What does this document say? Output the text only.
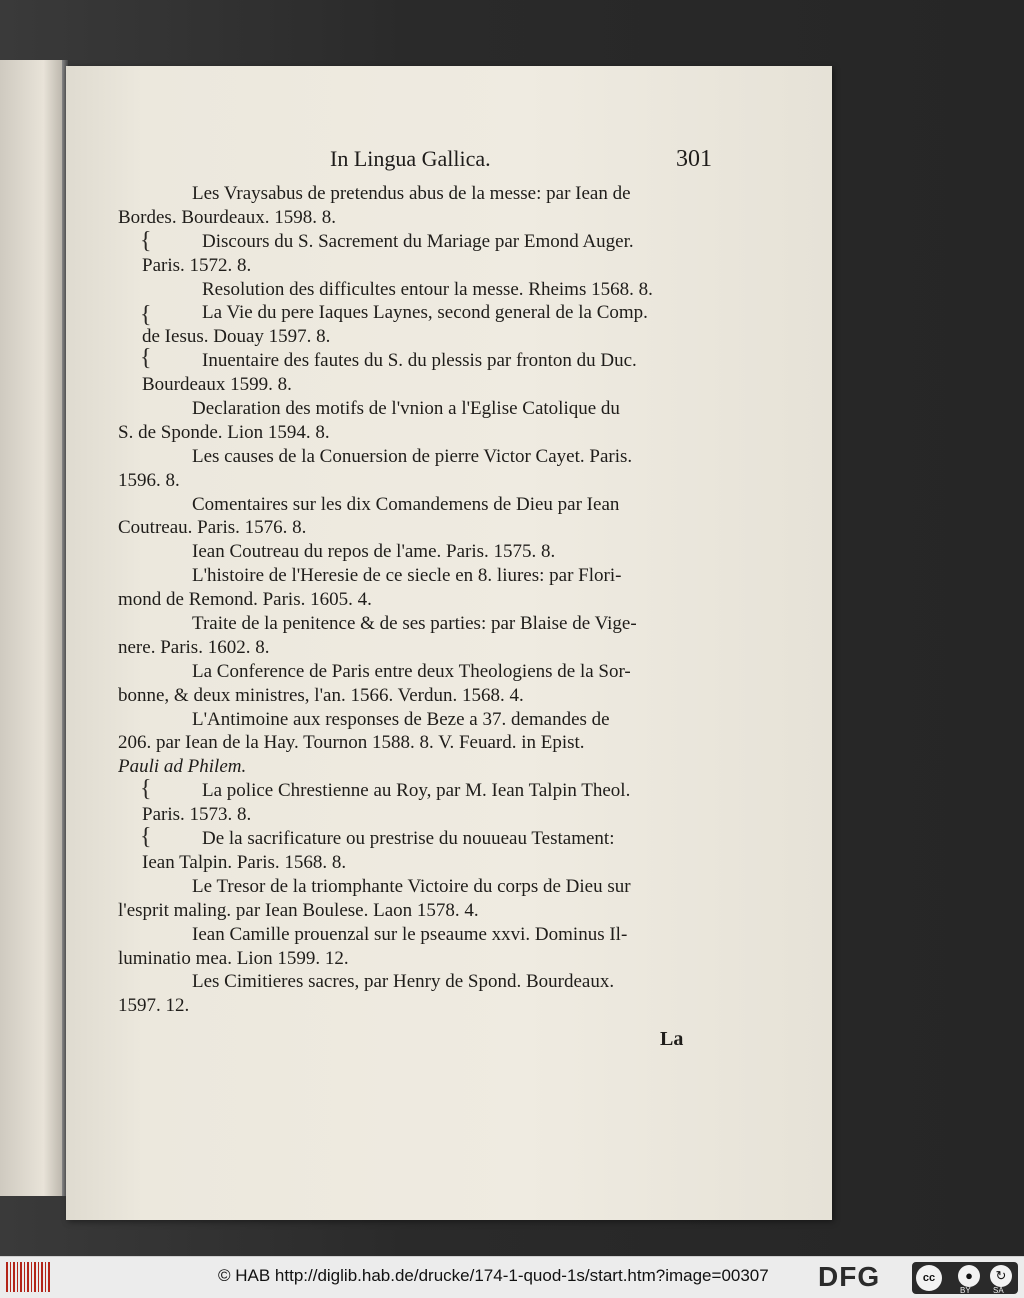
In Lingua Gallica.	301
{
{
{
{
{
Les Vraysabus de pretendus abus de la messe: par Iean de
Bordes. Bourdeaux. 1598. 8.
Discours du S. Sacrement du Mariage par Emond Auger.
Paris. 1572. 8.
Resolution des difficultes entour la messe. Rheims 1568. 8.
La Vie du pere Iaques Laynes, second general de la Comp.
de Iesus. Douay 1597. 8.
Inuentaire des fautes du S. du plessis par fronton du Duc.
Bourdeaux 1599. 8.
Declaration des motifs de l'vnion a l'Eglise Catolique du
S. de Sponde. Lion 1594. 8.
Les causes de la Conuersion de pierre Victor Cayet. Paris.
1596. 8.
Comentaires sur les dix Comandemens de Dieu par Iean
Coutreau. Paris. 1576. 8.
Iean Coutreau du repos de l'ame. Paris. 1575. 8.
L'histoire de l'Heresie de ce siecle en 8. liures: par Flori-
mond de Remond. Paris. 1605. 4.
Traite de la penitence & de ses parties: par Blaise de Vige-
nere. Paris. 1602. 8.
La Conference de Paris entre deux Theologiens de la Sor-
bonne, & deux ministres, l'an. 1566. Verdun. 1568. 4.
L'Antimoine aux responses de Beze a 37. demandes de
206. par Iean de la Hay. Tournon 1588. 8. V. Feuard. in Epist.
Pauli ad Philem.
La police Chrestienne au Roy, par M. Iean Talpin Theol.
Paris. 1573. 8.
De la sacrificature ou prestrise du nouueau Testament:
Iean Talpin. Paris. 1568. 8.
Le Tresor de la triomphante Victoire du corps de Dieu sur
l'esprit maling. par Iean Boulese. Laon 1578. 4.
Iean Camille prouenzal sur le pseaume xxvi. Dominus Il-
luminatio mea. Lion 1599. 12.
Les Cimitieres sacres, par Henry de Spond. Bourdeaux.
1597. 12.
La
© HAB http://diglib.hab.de/drucke/174-1-quod-1s/start.htm?image=00307 DFG	cc	●	↻
BY	SA
